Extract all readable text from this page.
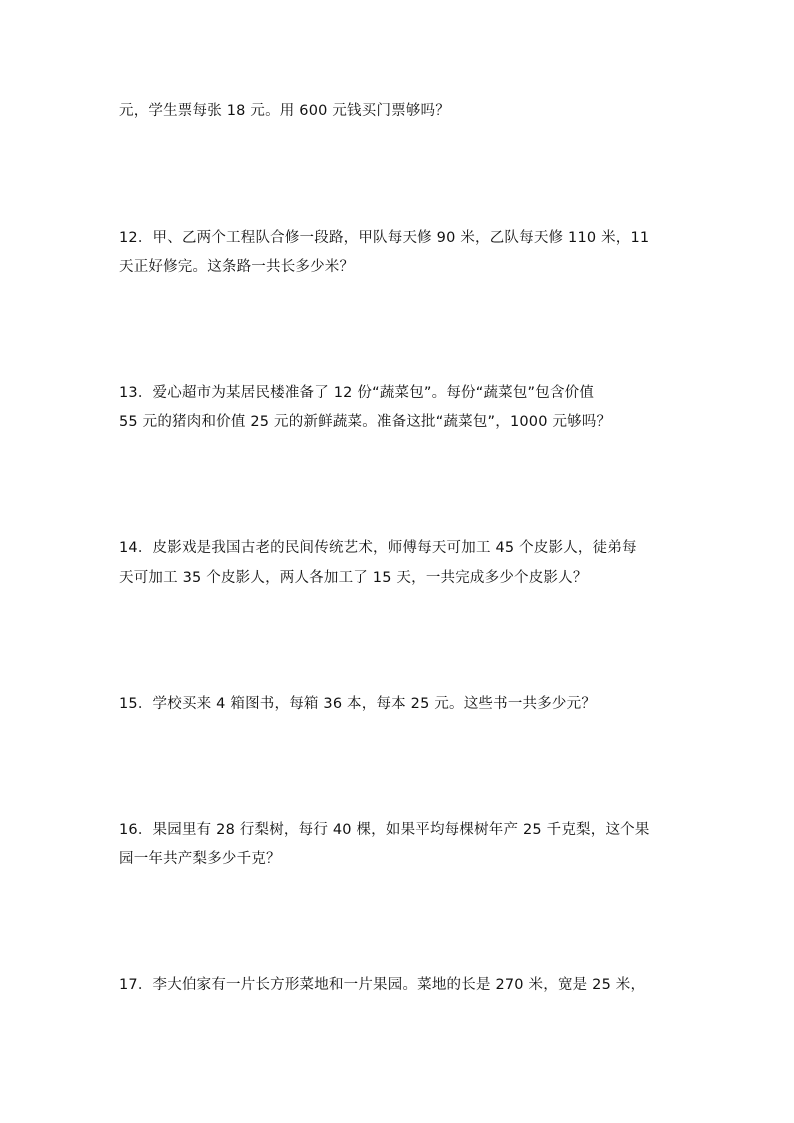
元，学生票每张 18 元。用 600 元钱买门票够吗？
12．甲、乙两个工程队合修一段路，甲队每天修 90 米，乙队每天修 110 米，11
天正好修完。这条路一共长多少米？
13．爱心超市为某居民楼准备了 12 份“蔬菜包”。每份“蔬菜包”包含价值
55 元的猪肉和价值 25 元的新鲜蔬菜。准备这批“蔬菜包”，1000 元够吗？
14．皮影戏是我国古老的民间传统艺术，师傅每天可加工 45 个皮影人，徒弟每
天可加工 35 个皮影人，两人各加工了 15 天，一共完成多少个皮影人？
15．学校买来 4 箱图书，每箱 36 本，每本 25 元。这些书一共多少元？
16．果园里有 28 行梨树，每行 40 棵，如果平均每棵树年产 25 千克梨，这个果
园一年共产梨多少千克？
17．李大伯家有一片长方形菜地和一片果园。菜地的长是 270 米，宽是 25 米，
